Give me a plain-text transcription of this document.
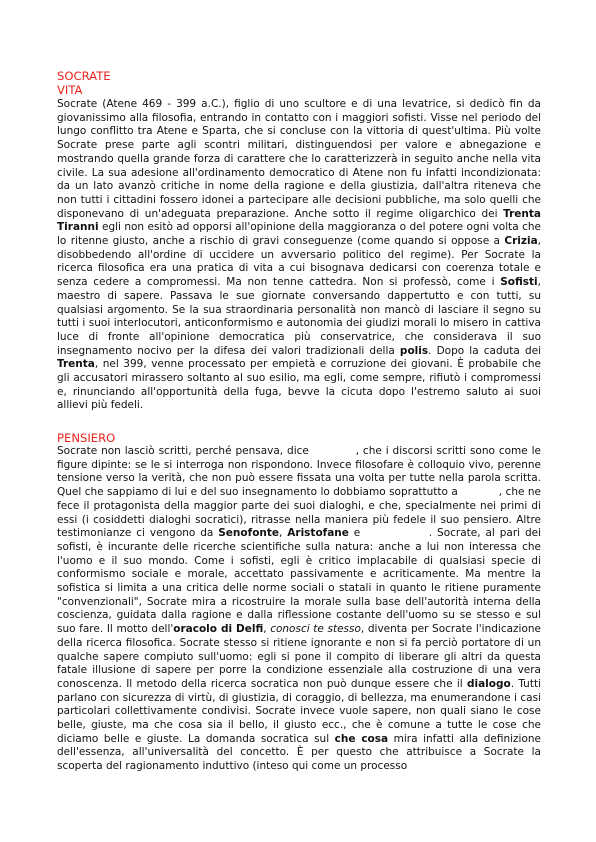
SOCRATE
VITA

Socrate (Atene 469 - 399 a.C.), figlio di uno scultore e di una levatrice, si dedicò fin da giovanissimo alla filosofia, entrando in contatto con i maggiori sofisti. Visse nel periodo del lungo conflitto tra Atene e Sparta, che si concluse con la vittoria di quest'ultima. Più volte Socrate prese parte agli scontri militari, distinguendosi per valore e abnegazione e mostrando quella grande forza di carattere che lo caratterizzerà in seguito anche nella vita civile. La sua adesione all'ordinamento democratico di Atene non fu infatti incondizionata: da un lato avanzò critiche in nome della ragione e della giustizia, dall'altra riteneva che non tutti i cittadini fossero idonei a partecipare alle decisioni pubbliche, ma solo quelli che disponevano di un'adeguata preparazione. Anche sotto il regime oligarchico dei Trenta Tiranni egli non esitò ad opporsi all'opinione della maggioranza o del potere ogni volta che lo ritenne giusto, anche a rischio di gravi conseguenze (come quando si oppose a Crizia, disobbedendo all'ordine di uccidere un avversario politico del regime). Per Socrate la ricerca filosofica era una pratica di vita a cui bisognava dedicarsi con coerenza totale e senza cedere a compromessi. Ma non tenne cattedra. Non si professò, come i Sofisti, maestro di sapere. Passava le sue giornate conversando dappertutto e con tutti, su qualsiasi argomento. Se la sua straordinaria personalità non mancò di lasciare il segno su tutti i suoi interlocutori, anticonformismo e autonomia dei giudizi morali lo misero in cattiva luce di fronte all'opinione democratica più conservatrice, che considerava il suo insegnamento nocivo per la difesa dei valori tradizionali della polis. Dopo la caduta dei Trenta, nel 399, venne processato per empietà e corruzione dei giovani. È probabile che gli accusatori mirassero soltanto al suo esilio, ma egli, come sempre, rifiutò i compromessi e, rinunciando all'opportunità della fuga, bevve la cicuta dopo l'estremo saluto ai suoi allievi più fedeli.

PENSIERO

Socrate non lasciò scritti, perché pensava, dice            , che i discorsi scritti sono come le figure dipinte: se le si interroga non rispondono. Invece filosofare è colloquio vivo, perenne tensione verso la verità, che non può essere fissata una volta per tutte nella parola scritta. Quel che sappiamo di lui e del suo insegnamento lo dobbiamo soprattutto a            , che ne fece il protagonista della maggior parte dei suoi dialoghi, e che, specialmente nei primi di essi (i cosiddetti dialoghi socratici), ritrasse nella maniera più fedele il suo pensiero. Altre testimonianze ci vengono da Senofonte, Aristofane e              . Socrate, al pari dei sofisti, è incurante delle ricerche scientifiche sulla natura: anche a lui non interessa che l'uomo e il suo mondo. Come i sofisti, egli è critico implacabile di qualsiasi specie di conformismo sociale e morale, accettato passivamente e acriticamente. Ma mentre la sofistica si limita a una critica delle norme sociali o statali in quanto le ritiene puramente "convenzionali", Socrate mira a ricostruire la morale sulla base dell'autorità interna della coscienza, guidata dalla ragione e dalla riflessione costante dell'uomo su se stesso e sul suo fare. Il motto dell'oracolo di Delfi, conosci te stesso, diventa per Socrate l'indicazione della ricerca filosofica. Socrate stesso si ritiene ignorante e non si fa perciò portatore di un qualche sapere compiuto sull'uomo: egli si pone il compito di liberare gli altri da questa fatale illusione di sapere per porre la condizione essenziale alla costruzione di una vera conoscenza. Il metodo della ricerca socratica non può dunque essere che il dialogo. Tutti parlano con sicurezza di virtù, di giustizia, di coraggio, di bellezza, ma enumerandone i casi particolari collettivamente condivisi. Socrate invece vuole sapere, non quali siano le cose belle, giuste, ma che cosa sia il bello, il giusto ecc., che è comune a tutte le cose che diciamo belle e giuste. La domanda socratica sul che cosa mira infatti alla definizione dell'essenza, all'universalità del concetto. È per questo che attribuisce a Socrate la scoperta del ragionamento induttivo (inteso qui come un processo
